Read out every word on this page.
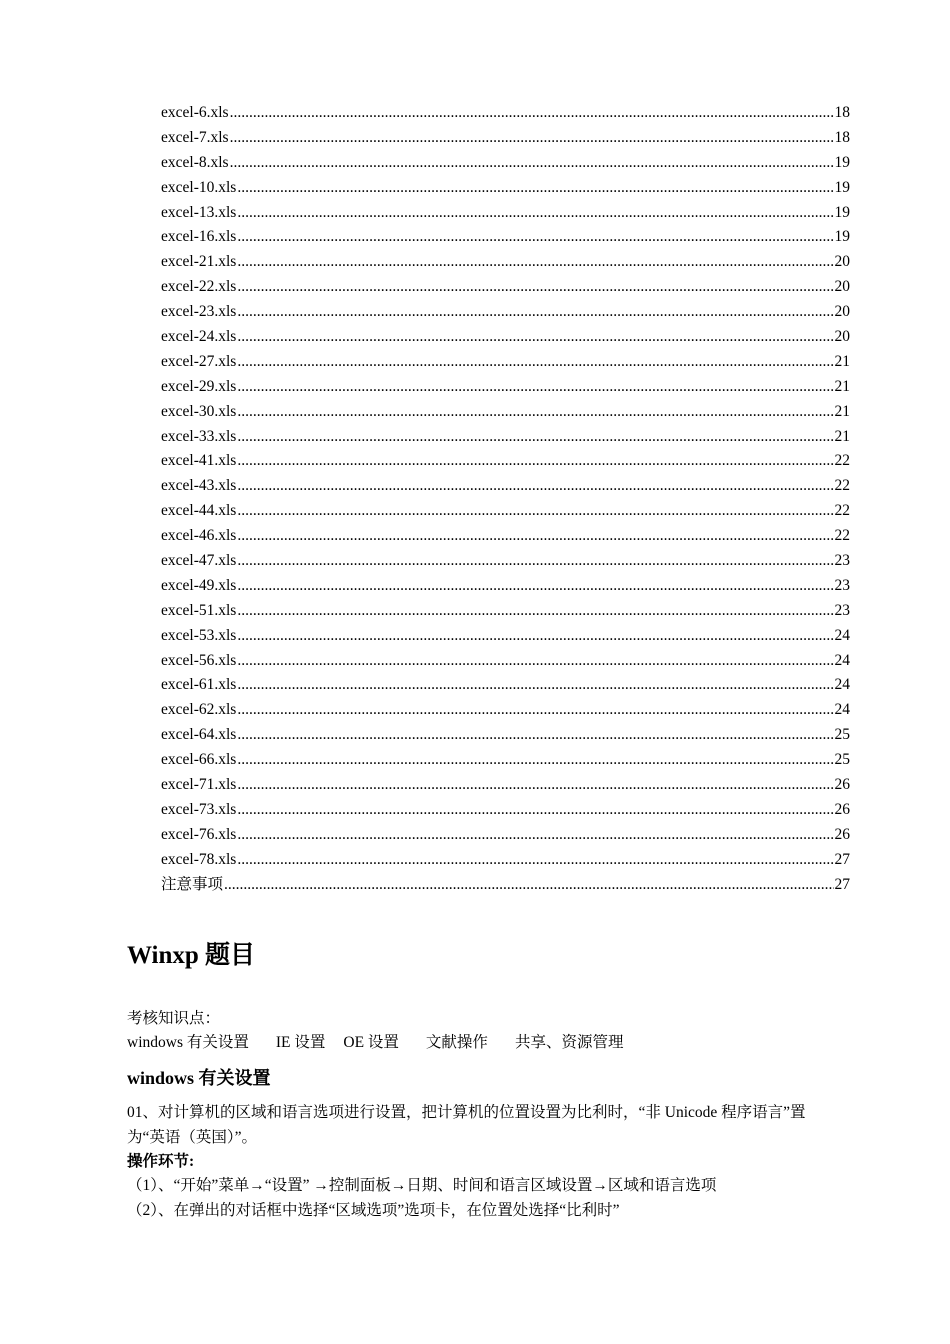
excel-6.xls .....	18
excel-7.xls .....	18
excel-8.xls .....	19
excel-10.xls .....	19
excel-13.xls .....	19
excel-16.xls .....	19
excel-21.xls .....	20
excel-22.xls .....	20
excel-23.xls .....	20
excel-24.xls .....	20
excel-27.xls .....	21
excel-29.xls .....	21
excel-30.xls .....	21
excel-33.xls .....	21
excel-41.xls .....	22
excel-43.xls .....	22
excel-44.xls .....	22
excel-46.xls .....	22
excel-47.xls .....	23
excel-49.xls .....	23
excel-51.xls .....	23
excel-53.xls .....	24
excel-56.xls .....	24
excel-61.xls .....	24
excel-62.xls .....	24
excel-64.xls .....	25
excel-66.xls .....	25
excel-71.xls .....	26
excel-73.xls .....	26
excel-76.xls .....	26
excel-78.xls .....	27
注意事项 .....	27
Winxp 题目
考核知识点：
windows 有关设置 IE 设置 OE 设置 文献操作 共享、资源管理
windows 有关设置
01、对计算机的区域和语言选项进行设置，把计算机的位置设置为比利时，“非 Unicode 程序语言”置为“英语（英国）”。
操作环节:
（1）、“开始”菜单→“设置” →控制面板→日期、时间和语言区域设置→区域和语言选项
（2）、在弹出的对话框中选择“区域选项”选项卡，在位置处选择“比利时”
